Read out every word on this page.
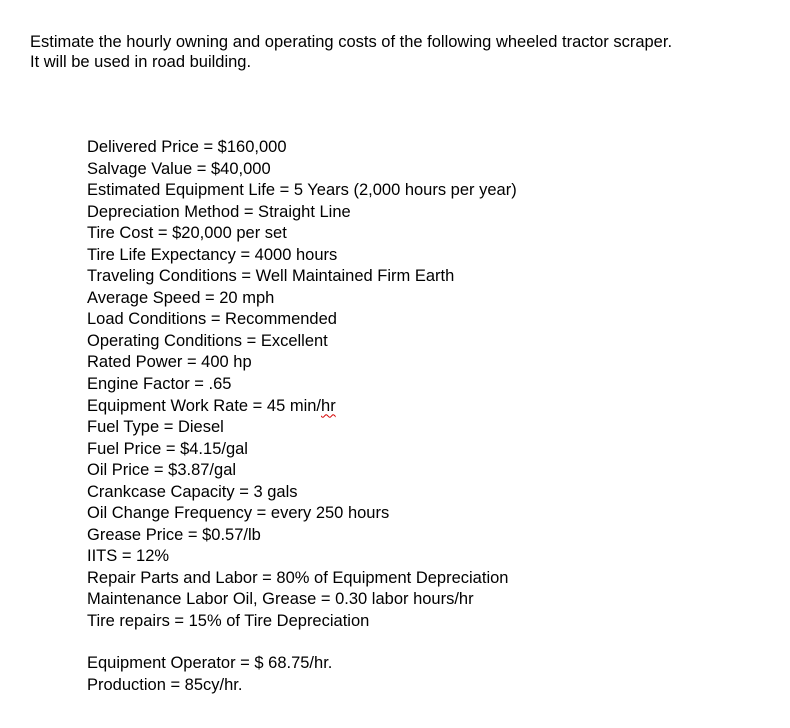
Estimate the hourly owning and operating costs of the following wheeled tractor scraper.
It will be used in road building.
Delivered Price = $160,000
Salvage Value = $40,000
Estimated Equipment Life = 5 Years (2,000 hours per year)
Depreciation Method = Straight Line
Tire Cost = $20,000 per set
Tire Life Expectancy = 4000 hours
Traveling Conditions = Well Maintained Firm Earth
Average Speed = 20 mph
Load Conditions = Recommended
Operating Conditions = Excellent
Rated Power = 400 hp
Engine Factor = .65
Equipment Work Rate = 45 min/hr
Fuel Type = Diesel
Fuel Price = $4.15/gal
Oil Price = $3.87/gal
Crankcase Capacity = 3 gals
Oil Change Frequency = every 250 hours
Grease Price = $0.57/lb
IITS = 12%
Repair Parts and Labor = 80% of Equipment Depreciation
Maintenance Labor Oil, Grease = 0.30 labor hours/hr
Tire repairs = 15% of Tire Depreciation
Equipment Operator = $ 68.75/hr.
Production = 85cy/hr.
